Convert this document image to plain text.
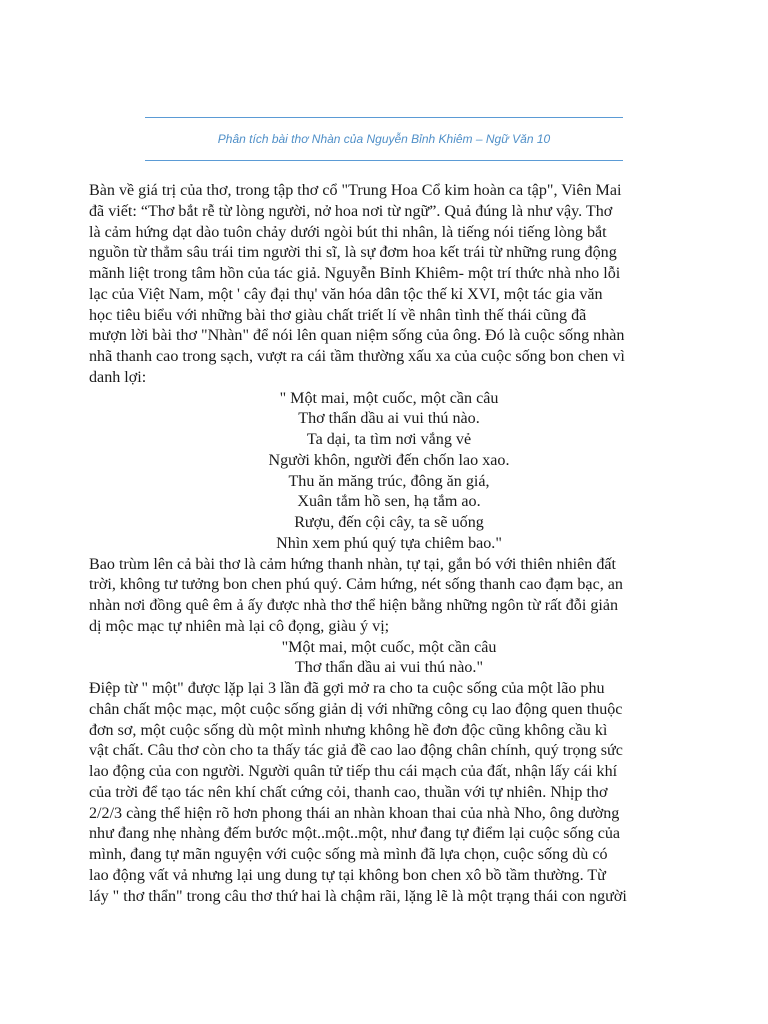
Phân tích bài thơ Nhàn của Nguyễn Bỉnh Khiêm – Ngữ Văn 10

Bàn về giá trị của thơ, trong tập thơ cổ "Trung Hoa Cổ kim hoàn ca tập", Viên Mai
đã viết: “Thơ bắt rễ từ lòng người, nở hoa nơi từ ngữ”. Quả đúng là như vậy. Thơ
là cảm hứng dạt dào tuôn chảy dưới ngòi bút thi nhân, là tiếng nói tiếng lòng bắt
nguồn từ thẳm sâu trái tim người thi sĩ, là sự đơm hoa kết trái từ những rung động
mãnh liệt trong tâm hồn của tác giả. Nguyễn Bỉnh Khiêm- một trí thức nhà nho lỗi
lạc của Việt Nam, một ' cây đại thụ' văn hóa dân tộc thế kỉ XVI, một tác gia văn
học tiêu biểu với những bài thơ giàu chất triết lí về nhân tình thế thái cũng đã
mượn lời bài thơ "Nhàn" để nói lên quan niệm sống của ông. Đó là cuộc sống nhàn
nhã thanh cao trong sạch, vượt ra cái tầm thường xấu xa của cuộc sống bon chen vì
danh lợi:

" Một mai, một cuốc, một cần câu
Thơ thẩn dầu ai vui thú nào.
Ta dại, ta tìm nơi vắng vẻ
Người khôn, người đến chốn lao xao.
Thu ăn măng trúc, đông ăn giá,
Xuân tắm hồ sen, hạ tắm ao.
Rượu, đến cội cây, ta sẽ uống
Nhìn xem phú quý tựa chiêm bao."

Bao trùm lên cả bài thơ là cảm hứng thanh nhàn, tự tại, gắn bó với thiên nhiên đất
trời, không tư tưởng bon chen phú quý. Cảm hứng, nét sống thanh cao đạm bạc, an
nhàn nơi đồng quê êm ả ấy được nhà thơ thể hiện bằng những ngôn từ rất đỗi giản
dị mộc mạc tự nhiên mà lại cô đọng, giàu ý vị;

"Một mai, một cuốc, một cần câu
Thơ thẩn dầu ai vui thú nào."

Điệp từ " một" được lặp lại 3 lần đã gợi mở ra cho ta cuộc sống của một lão phu
chân chất mộc mạc, một cuộc sống giản dị với những công cụ lao động quen thuộc
đơn sơ, một cuộc sống dù một mình nhưng không hề đơn độc cũng không cầu kì
vật chất. Câu thơ còn cho ta thấy tác giả đề cao lao động chân chính, quý trọng sức
lao động của con người. Người quân tử tiếp thu cái mạch của đất, nhận lấy cái khí
của trời để tạo tác nên khí chất cứng cỏi, thanh cao, thuần với tự nhiên. Nhịp thơ
2/2/3 càng thể hiện rõ hơn phong thái an nhàn khoan thai của nhà Nho, ông dường
như đang nhẹ nhàng đếm bước một..một..một, như đang tự điểm lại cuộc sống của
mình, đang tự mãn nguyện với cuộc sống mà mình đã lựa chọn, cuộc sống dù có
lao động vất vả nhưng lại ung dung tự tại không bon chen xô bồ tầm thường. Từ
láy " thơ thẩn" trong câu thơ thứ hai là chậm rãi, lặng lẽ là một trạng thái con người
